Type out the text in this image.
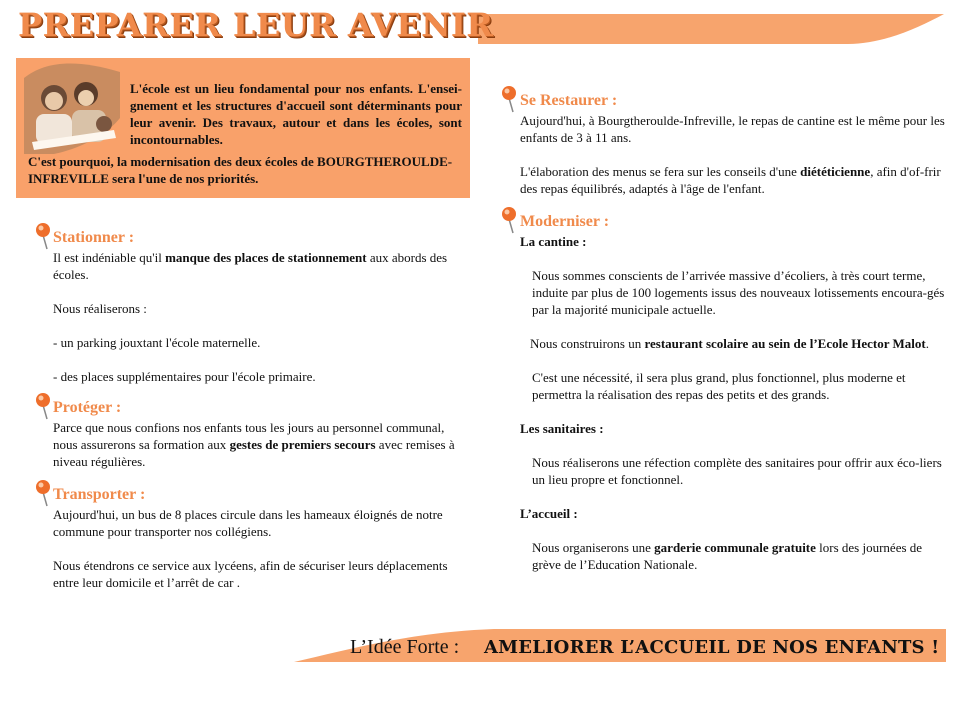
PREPARER LEUR AVENIR
L'école est un lieu fondamental pour nos enfants. L'ensei-gnement et les structures d'accueil sont déterminants pour leur avenir. Des travaux, autour et dans les écoles, sont incontournables.
C'est pourquoi, la modernisation des deux écoles de BOURGTHEROULDE-INFREVILLE sera l'une de nos priorités.
Stationner :

Il est indéniable qu'il manque des places de stationnement aux abords des écoles.

Nous réaliserons :

- un parking jouxtant l'école maternelle.

- des places supplémentaires pour l'école primaire.

Protéger :

Parce que nous confions nos enfants tous les jours au personnel communal, nous assurerons sa formation aux gestes de premiers secours avec remises à niveau régulières.

Transporter :

Aujourd'hui, un bus de 8 places circule dans les hameaux éloignés de notre commune pour transporter nos collégiens.

Nous étendrons ce service aux lycéens, afin de sécuriser leurs déplacements entre leur domicile et l’arrêt de car .

Se Restaurer :

Aujourd'hui, à Bourgtheroulde-Infreville, le repas de cantine est le même pour les enfants de 3 à 11 ans.

L'élaboration des menus se fera sur les conseils d'une diététicienne, afin d'of-frir des repas équilibrés, adaptés à l'âge de l'enfant.

Moderniser :

La cantine :

Nous sommes conscients de l’arrivée massive d’écoliers, à très court terme, induite par plus de 100 logements issus des nouveaux lotissements encoura-gés par la majorité municipale actuelle.

Nous construirons un restaurant scolaire au sein de l’Ecole Hector Malot.

C'est une nécessité, il sera plus grand, plus fonctionnel, plus moderne et permettra la réalisation des repas des petits et des grands.

Les sanitaires :

Nous réaliserons une réfection complète des sanitaires pour offrir aux éco-liers un lieu propre et fonctionnel.

L’accueil :

Nous organiserons une garderie communale gratuite lors des journées de grève de l’Education Nationale.

L’Idée Forte : AMELIORER L’ACCUEIL DE NOS ENFANTS !
